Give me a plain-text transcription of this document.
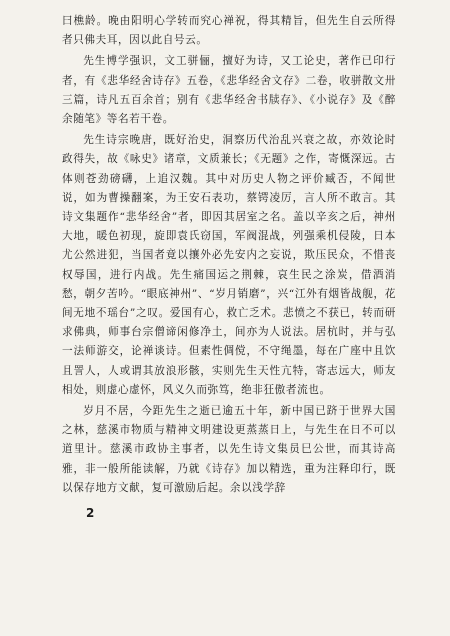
曰樵龄。晚由阳明心学转而究心禅祝，得其精旨，但先生自云所得者只佛夫耳，因以此自号云。

先生博学强识，文工骈俪，擅好为诗，又工论史，著作已印行者，有《悲华经舍诗存》五卷，《悲华经舍文存》二卷，收骈散文卅三篇，诗凡五百余首；别有《悲华经舍书牍存》、《小说存》及《醉余随笔》等名若干卷。

先生诗宗晚唐，既好治史，洞察历代治乱兴衰之故，亦效论时政得失，故《咏史》诸章，文质兼长；《无题》之作，寄慨深远。古体则苍劲磅礴，上追汉魏。其中对历史人物之评价臧否，不闻世说，如为曹操翻案，为王安石表功，蔡锷凌厉，言人所不敢言。其诗文集题作“悲华经舍”者，即因其居室之名。盖以辛亥之后，神州大地，暖色初现，旋即袁氏窃国，军阀混战，列强乘机侵陵，日本尤公然进犯，当国者竟以攘外必先安内之妄说，欺压民众，不惜丧权辱国，进行内战。先生痛国运之荆棘，哀生民之涂炭，借酒消愁，朝夕苦吟。“眼底神州”、“岁月销磨”，兴“江外有烟皆战舰，花间无地不瑶台”之叹。爱国有心，救亡乏术。悲愤之不获已，转而研求佛典，师事台宗僧谛闲修净土，间亦为人说法。居杭时，并与弘一法师游交，论禅谈诗。但素性倜傥，不守绳墨，每在广座中且饮且詈人，人或谓其放浪形骸，实则先生天性亢特，寄志远大，师友相处，则虚心虚怀，风义久而弥笃，绝非狂傲者流也。

岁月不居，今距先生之逝已逾五十年，新中国已跻于世界大国之林，慈溪市物质与精神文明建设更蒸蒸日上，与先生在日不可以道里计。慈溪市政协主事者，以先生诗文集员巳公世，而其诗高雅，非一般所能读解，乃就《诗存》加以精选，重为注释印行，既以保存地方文献，复可激励后起。余以浅学辞

2
